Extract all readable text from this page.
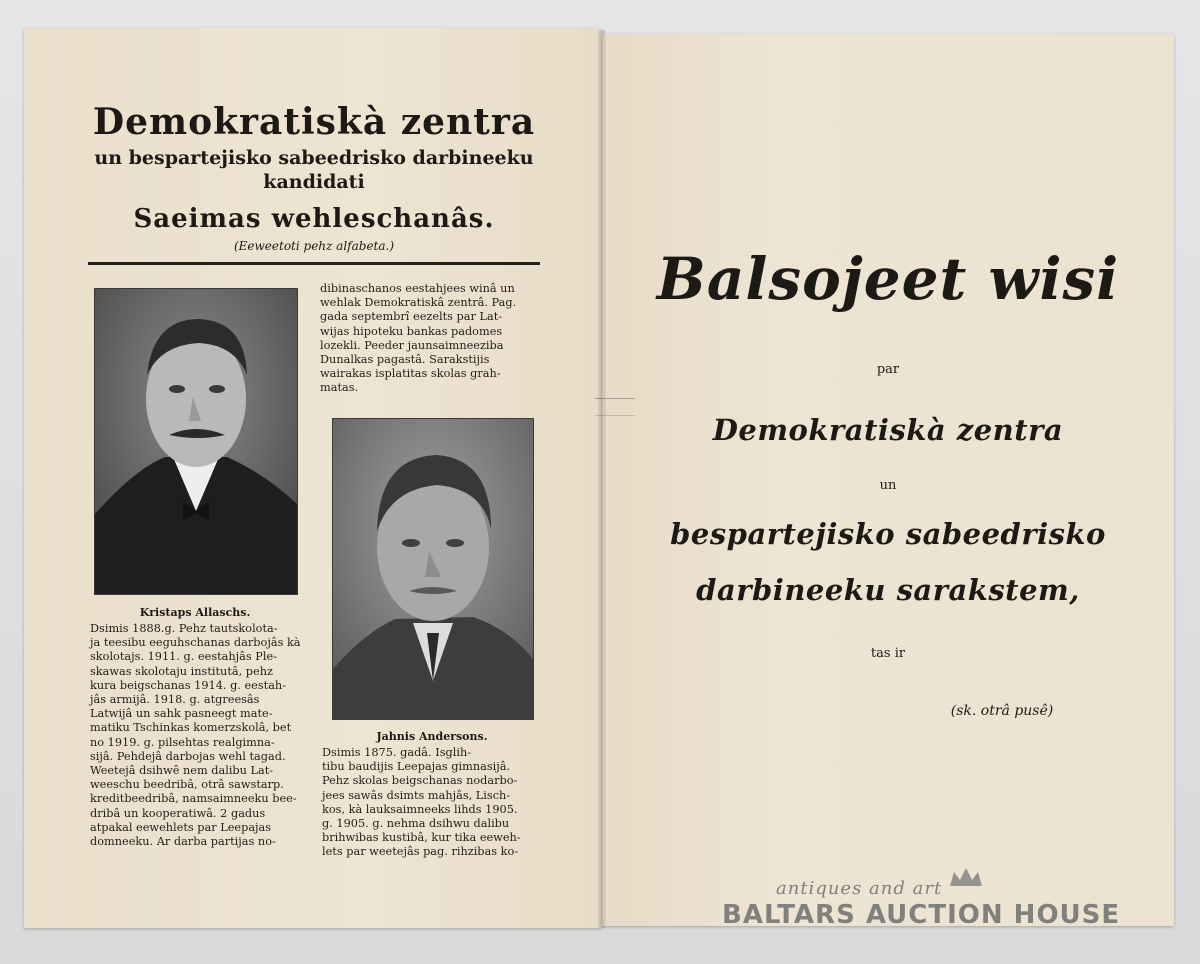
Demokratiskà zentra
un bespartejisko sabeedrisko darbineeku
kandidati
Saeimas wehleschanâs.
(Eeweetoti pehz alfabeta.)
Kristaps Allaschs.
Jahnis Andersons.

dibinaschanos eestahjees winâ un

wehlak Demokratiskâ zentrâ. Pag.

gada septembrî eezelts par Lat-

wijas hipoteku bankas padomes

lozekli. Peeder jaunsaimneeziba

Dunalkas pagastâ. Sarakstijis

wairakas isplatitas skolas grah-

matas.

Dsimis 1888.g. Pehz tautskolota-

ja teesibu eeguhschanas darbojâs kà

skolotajs. 1911. g. eestahjâs Ple-

skawas skolotaju institutâ, pehz

kura beigschanas 1914. g. eestah-

jâs armijâ. 1918. g. atgreesâs

Latwijâ un sahk pasneegt mate-

matiku Tschinkas komerzskolâ, bet

no 1919. g. pilsehtas realgimna-

sijâ. Pehdejâ darbojas wehl tagad.

Weetejâ dsihwê nem dalibu Lat-

weeschu beedribâ, otrâ sawstarp.

kreditbeedribâ, namsaimneeku bee-

dribâ un kooperatiwâ. 2 gadus

atpakal eewehlets par Leepajas

domneeku. Ar darba partijas no-

Dsimis 1875. gadâ. Isglih-

tibu baudijis Leepajas gimnasijâ.

Pehz skolas beigschanas nodarbo-

jees sawâs dsimts mahjâs, Lisch-

kos, kà lauksaimneeks lihds 1905.

g. 1905. g. nehma dsihwu dalibu

brihwibas kustibâ, kur tika eeweh-

lets par weetejâs pag. rihzibas ko-

Balsojeet wisi
par
Demokratiskà zentra
un
bespartejisko sabeedrisko
darbineeku sarakstem,
tas ir
(sk. otrâ pusê)
antiques and art
BALTARS AUCTION HOUSE
